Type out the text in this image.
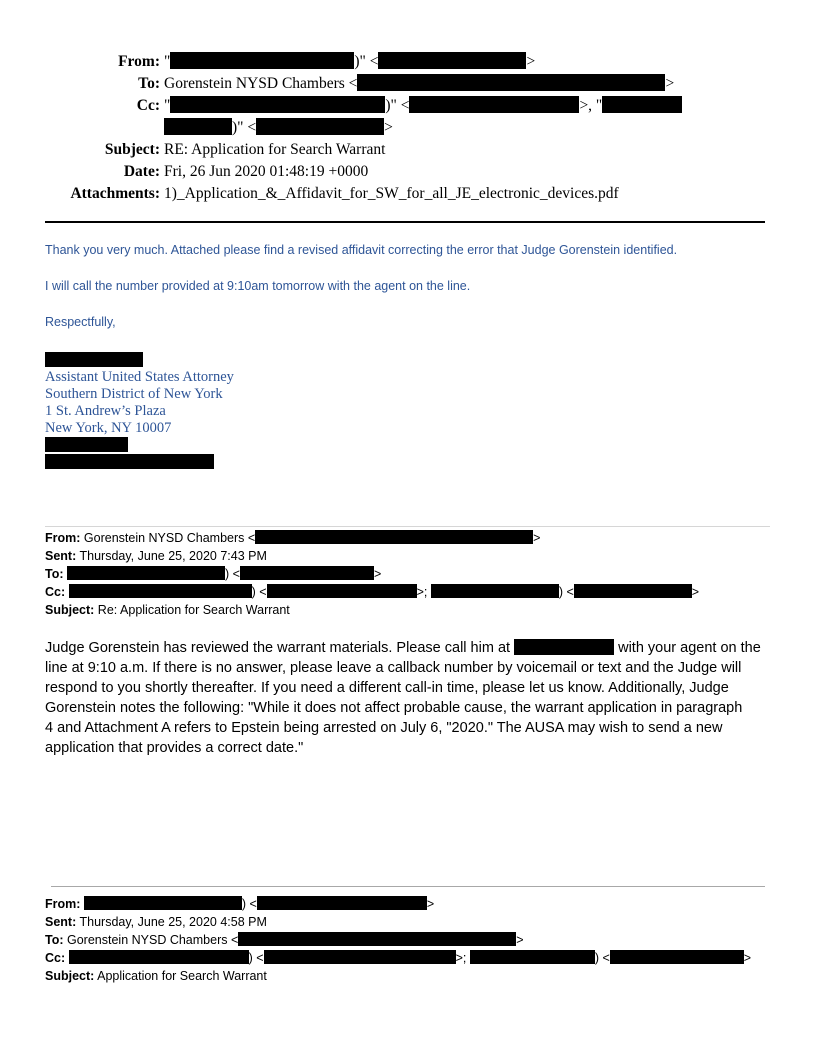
From: "	)" <	>
To: Gorenstein NYSD Chambers <	>
Cc: "	)" <	>, "
)" <	>
Subject: RE: Application for Search Warrant
Date: Fri, 26 Jun 2020 01:48:19 +0000
Attachments: 1)_Application_&_Affidavit_for_SW_for_all_JE_electronic_devices.pdf

Thank you very much. Attached please find a revised affidavit correcting the error that Judge Gorenstein identified.

I will call the number provided at 9:10am tomorrow with the agent on the line.

Respectfully,

Assistant United States Attorney
Southern District of New York
1 St. Andrew’s Plaza
New York, NY 10007
From: Gorenstein NYSD Chambers <	>
Sent: Thursday, June 25, 2020 7:43 PM
To:	) <	>
Cc:	) <	>;	) <	>
Subject: Re: Application for Search Warrant
Judge Gorenstein has reviewed the warrant materials. Please call him at	with your agent on the
line at 9:10 a.m. If there is no answer, please leave a callback number by voicemail or text and the Judge will
respond to you shortly thereafter. If you need a different call-in time, please let us know. Additionally, Judge
Gorenstein notes the following: "While it does not affect probable cause, the warrant application in paragraph
4 and Attachment A refers to Epstein being arrested on July 6, "2020." The AUSA may wish to send a new
application that provides a correct date."
From:	) <	>
Sent: Thursday, June 25, 2020 4:58 PM
To: Gorenstein NYSD Chambers <	>
Cc:	) <	>;	) <	>
Subject: Application for Search Warrant
